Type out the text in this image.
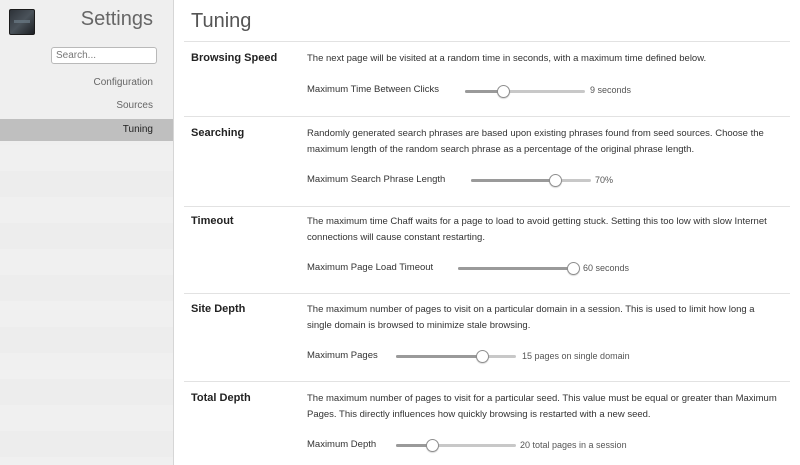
Settings
Search...
Configuration
Sources
Tuning
Tuning
Browsing Speed	The next page will be visited at a random time in seconds, with a maximum time defined below.
Maximum Time Between Clicks	9 seconds
Searching	Randomly generated search phrases are based upon existing phrases found from seed sources. Choose the maximum length of the random search phrase as a percentage of the original phrase length.
Maximum Search Phrase Length	70%
Timeout	The maximum time Chaff waits for a page to load to avoid getting stuck. Setting this too low with slow Internet connections will cause constant restarting.
Maximum Page Load Timeout	60 seconds
Site Depth	The maximum number of pages to visit on a particular domain in a session. This is used to limit how long a single domain is browsed to minimize stale browsing.
Maximum Pages	15 pages on single domain
Total Depth	The maximum number of pages to visit for a particular seed. This value must be equal or greater than Maximum Pages. This directly influences how quickly browsing is restarted with a new seed.
Maximum Depth	20 total pages in a session
